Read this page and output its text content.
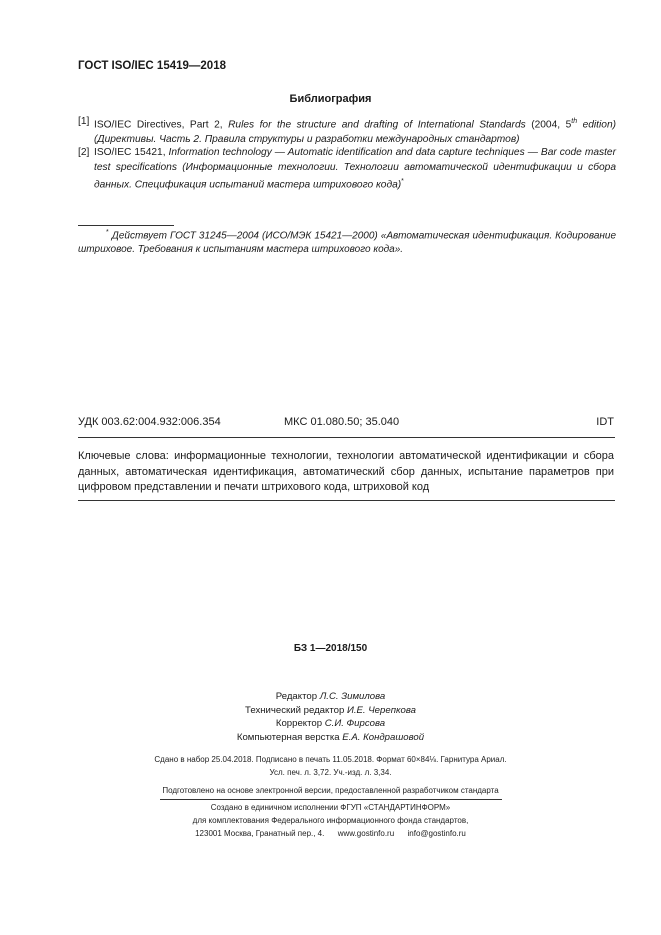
ГОСТ ISO/IEC 15419—2018
Библиография
[1] ISO/IEC Directives, Part 2, Rules for the structure and drafting of International Standards (2004, 5th edition) (Директивы. Часть 2. Правила структуры и разработки международных стандартов)
[2] ISO/IEC 15421, Information technology — Automatic identification and data capture techniques — Bar code master test specifications (Информационные технологии. Технологии автоматической идентификации и сбора данных. Спецификация испытаний мастера штрихового кода)*
* Действует ГОСТ 31245—2004 (ИСО/МЭК 15421—2000) «Автоматическая идентификация. Кодирование штриховое. Требования к испытаниям мастера штрихового кода».
УДК 003.62:004.932:006.354	МКС 01.080.50; 35.040	IDT
Ключевые слова: информационные технологии, технологии автоматической идентификации и сбора данных, автоматическая идентификация, автоматический сбор данных, испытание параметров при цифровом представлении и печати штрихового кода, штриховой код
БЗ 1—2018/150
Редактор Л.С. Зимилова
Технический редактор И.Е. Черепкова
Корректор С.И. Фирсова
Компьютерная верстка Е.А. Кондрашовой
Сдано в набор 25.04.2018. Подписано в печать 11.05.2018. Формат 60×84⅛. Гарнитура Ариал.
Усл. печ. л. 3,72. Уч.-изд. л. 3,34.
Подготовлено на основе электронной версии, предоставленной разработчиком стандарта
Создано в единичном исполнении ФГУП «СТАНДАРТИНФОРМ»
для комплектования Федерального информационного фонда стандартов,
123001 Москва, Гранатный пер., 4.      www.gostinfo.ru      info@gostinfo.ru
